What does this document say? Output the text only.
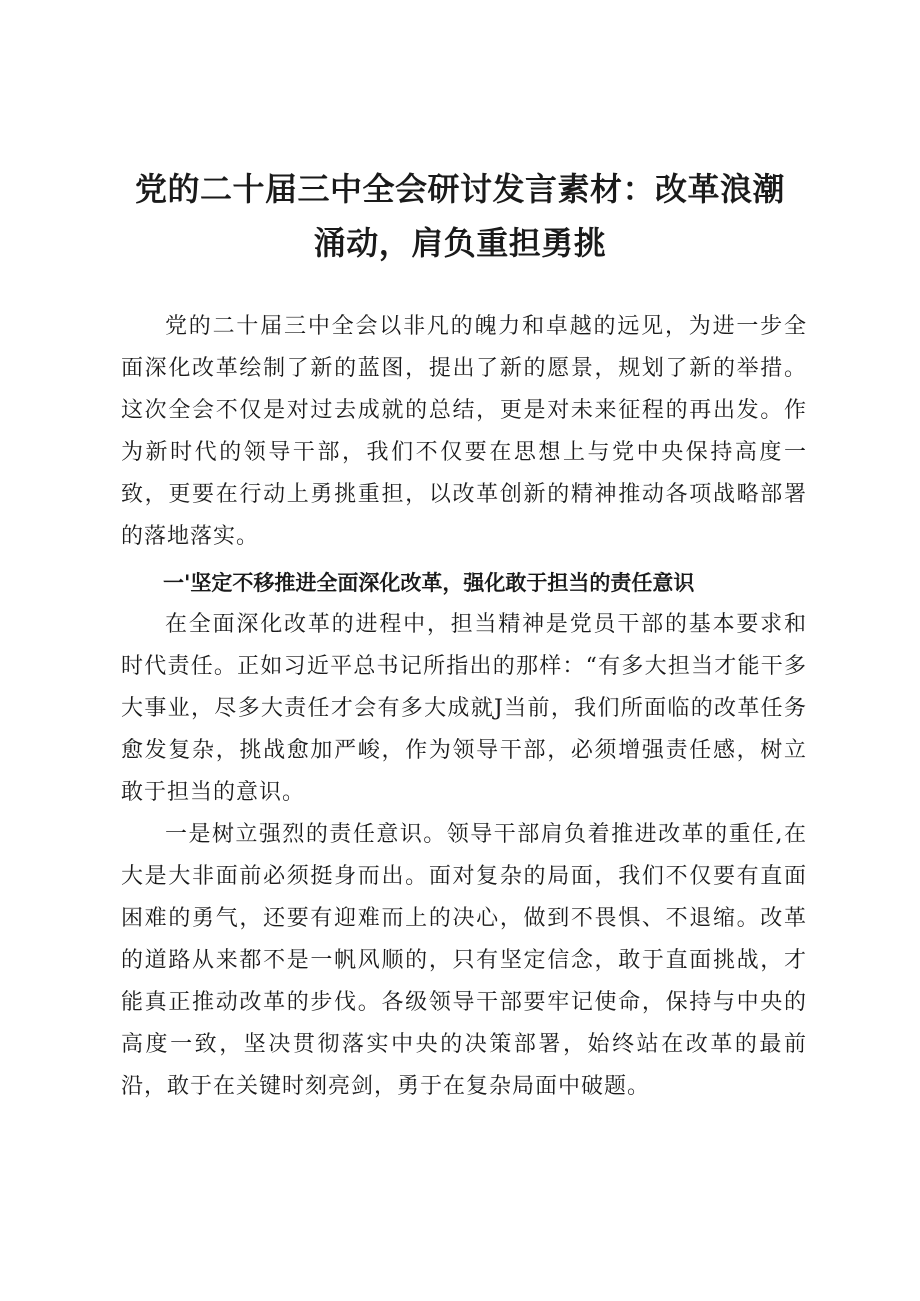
党的二十届三中全会研讨发言素材：改革浪潮
涌动，肩负重担勇挑

党的二十届三中全会以非凡的魄力和卓越的远见，为进一步全面深化改革绘制了新的蓝图，提出了新的愿景，规划了新的举措。这次全会不仅是对过去成就的总结，更是对未来征程的再出发。作为新时代的领导干部，我们不仅要在思想上与党中央保持高度一致，更要在行动上勇挑重担，以改革创新的精神推动各项战略部署的落地落实。

一'坚定不移推进全面深化改革，强化敢于担当的责任意识

在全面深化改革的进程中，担当精神是党员干部的基本要求和时代责任。正如习近平总书记所指出的那样：“有多大担当才能干多大事业，尽多大责任才会有多大成就J当前，我们所面临的改革任务愈发复杂，挑战愈加严峻，作为领导干部，必须增强责任感，树立敢于担当的意识。

一是树立强烈的责任意识。领导干部肩负着推进改革的重任,在大是大非面前必须挺身而出。面对复杂的局面，我们不仅要有直面困难的勇气，还要有迎难而上的决心，做到不畏惧、不退缩。改革的道路从来都不是一帆风顺的，只有坚定信念，敢于直面挑战，才能真正推动改革的步伐。各级领导干部要牢记使命，保持与中央的高度一致，坚决贯彻落实中央的决策部署，始终站在改革的最前沿，敢于在关键时刻亮剑，勇于在复杂局面中破题。
